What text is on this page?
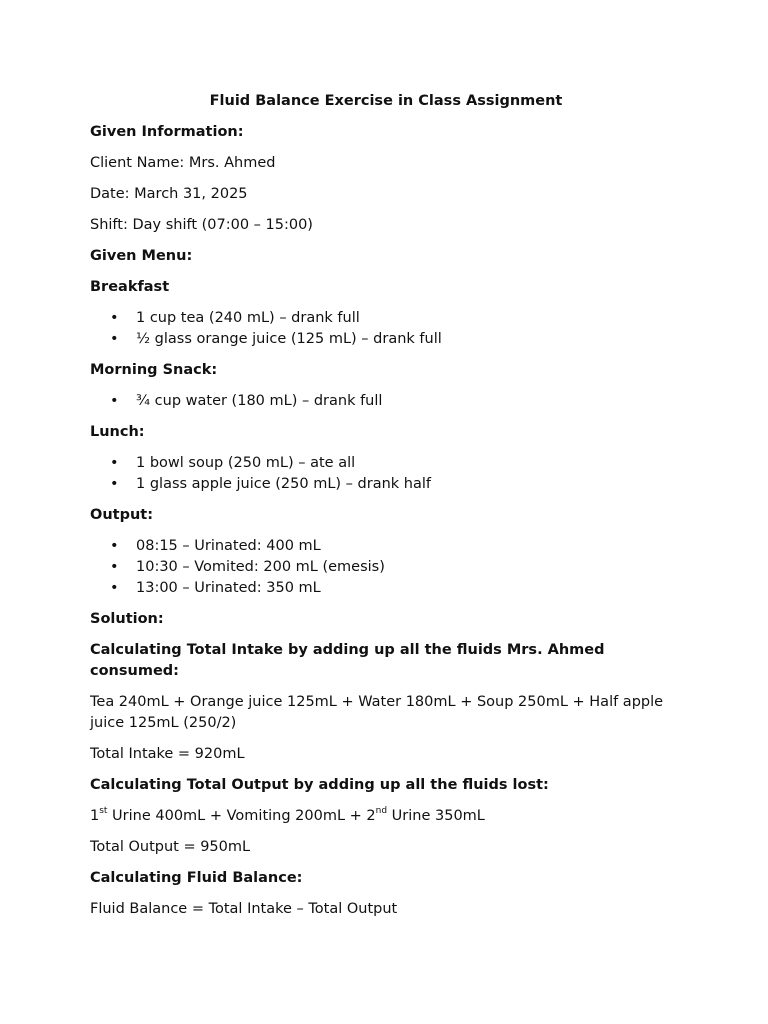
Fluid Balance Exercise in Class Assignment

Given Information:

Client Name: Mrs. Ahmed

Date: March 31, 2025

Shift: Day shift (07:00 – 15:00)

Given Menu:

Breakfast

• 1 cup tea (240 mL) – drank full
• ½ glass orange juice (125 mL) – drank full

Morning Snack:

• ¾ cup water (180 mL) – drank full

Lunch:

• 1 bowl soup (250 mL) – ate all
• 1 glass apple juice (250 mL) – drank half

Output:

• 08:15 – Urinated: 400 mL
• 10:30 – Vomited: 200 mL (emesis)
• 13:00 – Urinated: 350 mL

Solution:

Calculating Total Intake by adding up all the fluids Mrs. Ahmed consumed:

Tea 240mL + Orange juice 125mL + Water 180mL + Soup 250mL + Half apple juice 125mL (250/2)

Total Intake = 920mL

Calculating Total Output by adding up all the fluids lost:

1st Urine 400mL + Vomiting 200mL + 2nd Urine 350mL

Total Output = 950mL

Calculating Fluid Balance:

Fluid Balance = Total Intake – Total Output
